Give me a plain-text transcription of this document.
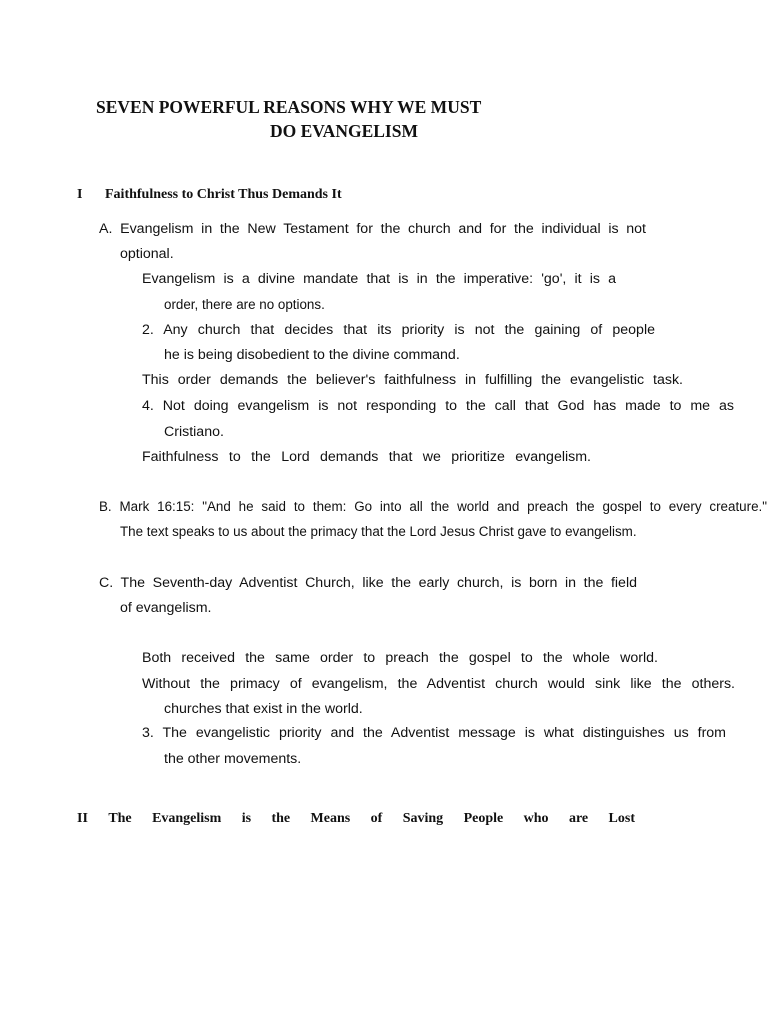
SEVEN POWERFUL REASONS WHY WE MUST
DO EVANGELISM
I Faithfulness to Christ Thus Demands It
A. Evangelism in the New Testament for the church and for the individual is not
optional.
Evangelism is a divine mandate that is in the imperative: 'go', it is a
order, there are no options.
2. Any church that decides that its priority is not the gaining of people
he is being disobedient to the divine command.
This order demands the believer's faithfulness in fulfilling the evangelistic task.
4. Not doing evangelism is not responding to the call that God has made to me as
Cristiano.
Faithfulness to the Lord demands that we prioritize evangelism.
B. Mark 16:15: "And he said to them: Go into all the world and preach the gospel to every creature."
The text speaks to us about the primacy that the Lord Jesus Christ gave to evangelism.
C. The Seventh-day Adventist Church, like the early church, is born in the field
of evangelism.
Both received the same order to preach the gospel to the whole world.
Without the primacy of evangelism, the Adventist church would sink like the others.
churches that exist in the world.
3. The evangelistic priority and the Adventist message is what distinguishes us from
the other movements.
II The Evangelism is the Means of Saving People who are Lost
